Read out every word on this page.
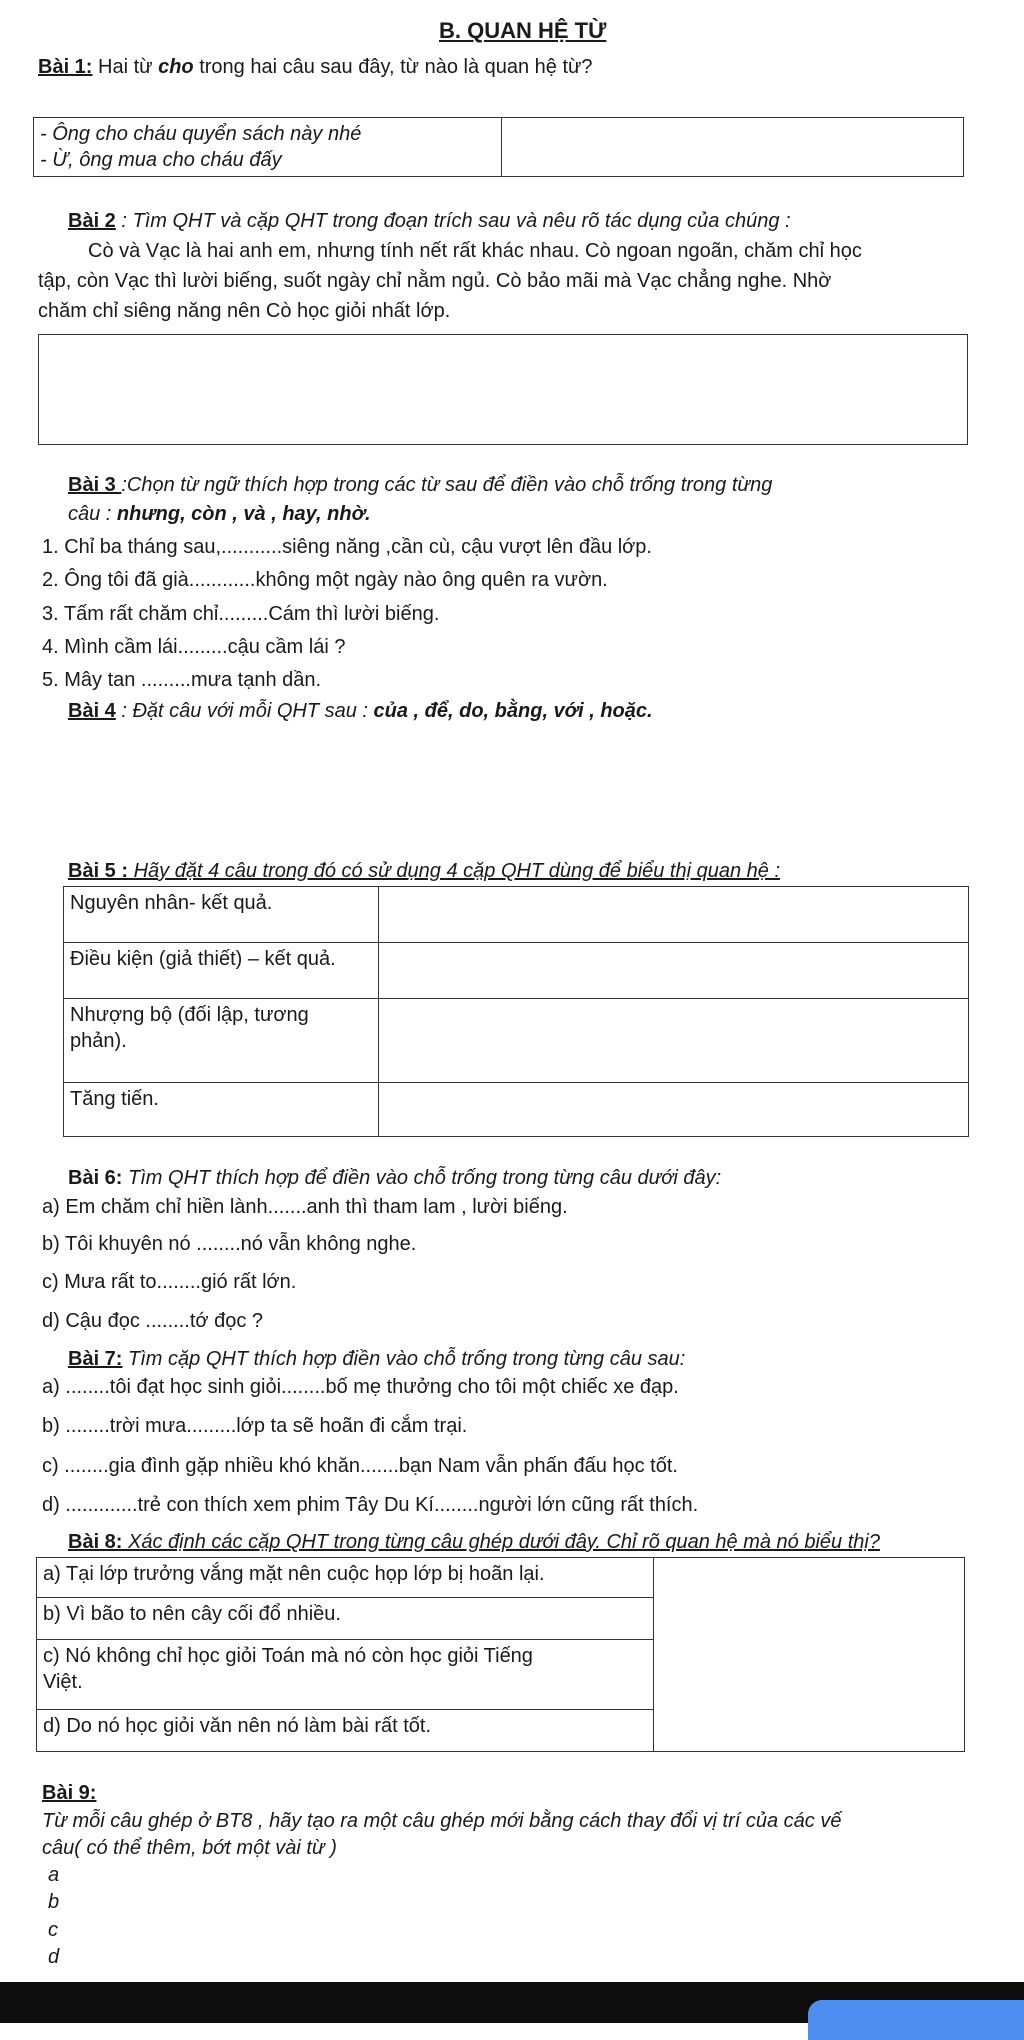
B. QUAN HỆ TỪ
Bài 1: Hai từ cho trong hai câu sau đây, từ nào là quan hệ từ?
- Ông cho cháu quyển sách này nhé	
- Ừ, ông mua cho cháu đấy
Bài 2 : Tìm QHT và cặp QHT trong đoạn trích sau và nêu rõ tác dụng của chúng :
Cò và Vạc là hai anh em, nhưng tính nết rất khác nhau. Cò ngoan ngoãn, chăm chỉ học
tập, còn Vạc thì lười biếng, suốt ngày chỉ nằm ngủ. Cò bảo mãi mà Vạc chẳng nghe. Nhờ
chăm chỉ siêng năng nên Cò học giỏi nhất lớp.
Bài 3 :Chọn từ ngữ thích hợp trong các từ sau để điền vào chỗ trống trong từng
câu : nhưng, còn , và , hay, nhờ.
1. Chỉ ba tháng sau,...........siêng năng ,cần cù, cậu vượt lên đầu lớp.
2. Ông tôi đã già............không một ngày nào ông quên ra vườn.
3. Tấm rất chăm chỉ.........Cám thì lười biếng.
4. Mình cầm lái.........cậu cầm lái ?
5. Mây tan .........mưa tạnh dần.
Bài 4 : Đặt câu với mỗi QHT sau : của , để, do, bằng, với , hoặc.
Bài 5 : Hãy đặt 4 câu trong đó có sử dụng 4 cặp QHT dùng để biểu thị quan hệ :
Nguyên nhân- kết quả.	
Điều kiện (giả thiết) – kết quả.	
Nhượng bộ (đối lập, tương
phản).	
Tăng tiến.	
Bài 6: Tìm QHT thích hợp để điền vào chỗ trống trong từng câu dưới đây:
a) Em chăm chỉ hiền lành.......anh thì tham lam , lười biếng.
b) Tôi khuyên nó ........nó vẫn không nghe.
c) Mưa rất to........gió rất lớn.
d) Cậu đọc ........tớ đọc ?
Bài 7: Tìm cặp QHT thích hợp điền vào chỗ trống trong từng câu sau:
a) ........tôi đạt học sinh giỏi........bố mẹ thưởng cho tôi một chiếc xe đạp.
b) ........trời mưa.........lớp ta sẽ hoãn đi cắm trại.
c) ........gia đình gặp nhiều khó khăn.......bạn Nam vẫn phấn đấu học tốt.
d) .............trẻ con thích xem phim Tây Du Kí........người lớn cũng rất thích.
Bài 8: Xác định các cặp QHT trong từng câu ghép dưới đây. Chỉ rõ quan hệ mà nó biểu thị?
a) Tại lớp trưởng vắng mặt nên cuộc họp lớp bị hoãn lại.	
b) Vì bão to nên cây cối đổ nhiều.
c) Nó không chỉ học giỏi Toán mà nó còn học giỏi Tiếng
Việt.
d) Do nó học giỏi văn nên nó làm bài rất tốt.
Bài 9:
Từ mỗi câu ghép ở BT8 , hãy tạo ra một câu ghép mới bằng cách thay đổi vị trí của các vế
câu( có thể thêm, bớt một vài từ )
a
b
c
d
